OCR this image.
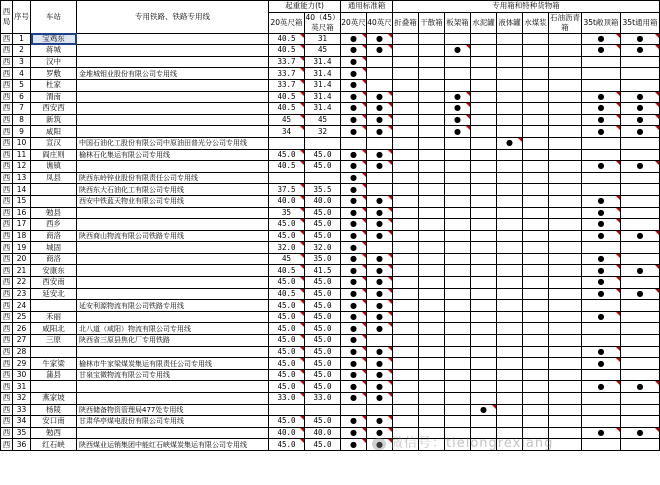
西局	序号	车站	专用铁路、铁路专用线	起重能力(t)		通用标准箱		专用箱和特种货物箱								
				20英尺箱	40（45）英尺箱	20英尺	40英尺	折叠箱	干散箱	板架箱	水泥罐	液体罐	水煤浆	石油沥青箱	35t敞顶箱	35t通用箱
西	1	宝鸡东		40.5	31	●	●								●	●
西	2	蒋城		40.5	45	●	●			●					●	●
西	3	汉中		33.7	31.4	●										
西	4	罗敷	金堆城钼业股份有限公司专用线	33.7	31.4	●										
西	5	杜家		33.7	31.4	●										
西	6	渭南		40.5	31.4	●	●			●					●	●
西	7	西安西		40.5	31.4	●	●			●					●	●
西	8	新筑		45	45	●	●			●					●	●
西	9	咸阳		34	32	●	●			●					●	●
西	10	宣汉	中国石油化工股份有限公司中原油田普光分公司专用线									●				
西	11	阎庄则	榆林石化集运有限公司专用线	45.0	45.0	●	●									
西	12	谯镇		40.5	45.0	●	●								●	●
西	13	凤县	陕西东岭锌业股份有限责任公司专用线			●										
西	14		陕西东大石油化工有限公司专用线	37.5	35.5	●										
西	15		西安中铁蓝天物业有限公司专用线	40.0	40.0	●	●								●	
西	16	勉县		35	45.0	●	●								●	
西	17	西乡		45.0	45.0	●	●								●	
西	18	商洛	陕西商山物流有限公司铁路专用线	45.0	45.0	●	●								●	●
西	19	城固		32.0	32.0	●										
西	20	商洛		45	35.0	●	●								●	
西	21	安康东		40.5	41.5	●	●								●	●
西	22	西安南		45.0	45.0	●	●								●	
西	23	延安北		40.5	45.0	●	●								●	●
西	24		延安利源物流有限公司铁路专用线	45.0	45.0	●	●									
西	25	禾丽		45.0	45.0	●	●								●	
西	26	咸阳北	北八道（咸阳）物流有限公司专用线	45.0	45.0	●	●									
西	27	三原	陕西省三原县焦化厂专用铁路	45.0	45.0	●										
西	28			45.0	45.0	●	●								●	
西	29	牛家梁	榆林市牛家梁煤炭集运有限责任公司专用线	45.0	45.0	●	●								●	
西	30	蒲县	甘泉宝微物流有限公司专用线	45.0	45.0	●	●									
西	31			45.0	45.0	●	●								●	●
西	32	燕家坡		33.0	33.0	●	●									
西	33	杨陵	陕西储备物资管理局477处专用线								●					
西	34	安口南	甘肃华亭煤电股份有限公司专用线	45.0	45.0	●	●									
西	35	勉西		40.0	40.0	●	●								●	●
西	36	红石峡	陕西煤业运销集团中能红石峡煤炭集运有限公司专用线	45.0	45.0	●	●									微信号：tielongrexiang
